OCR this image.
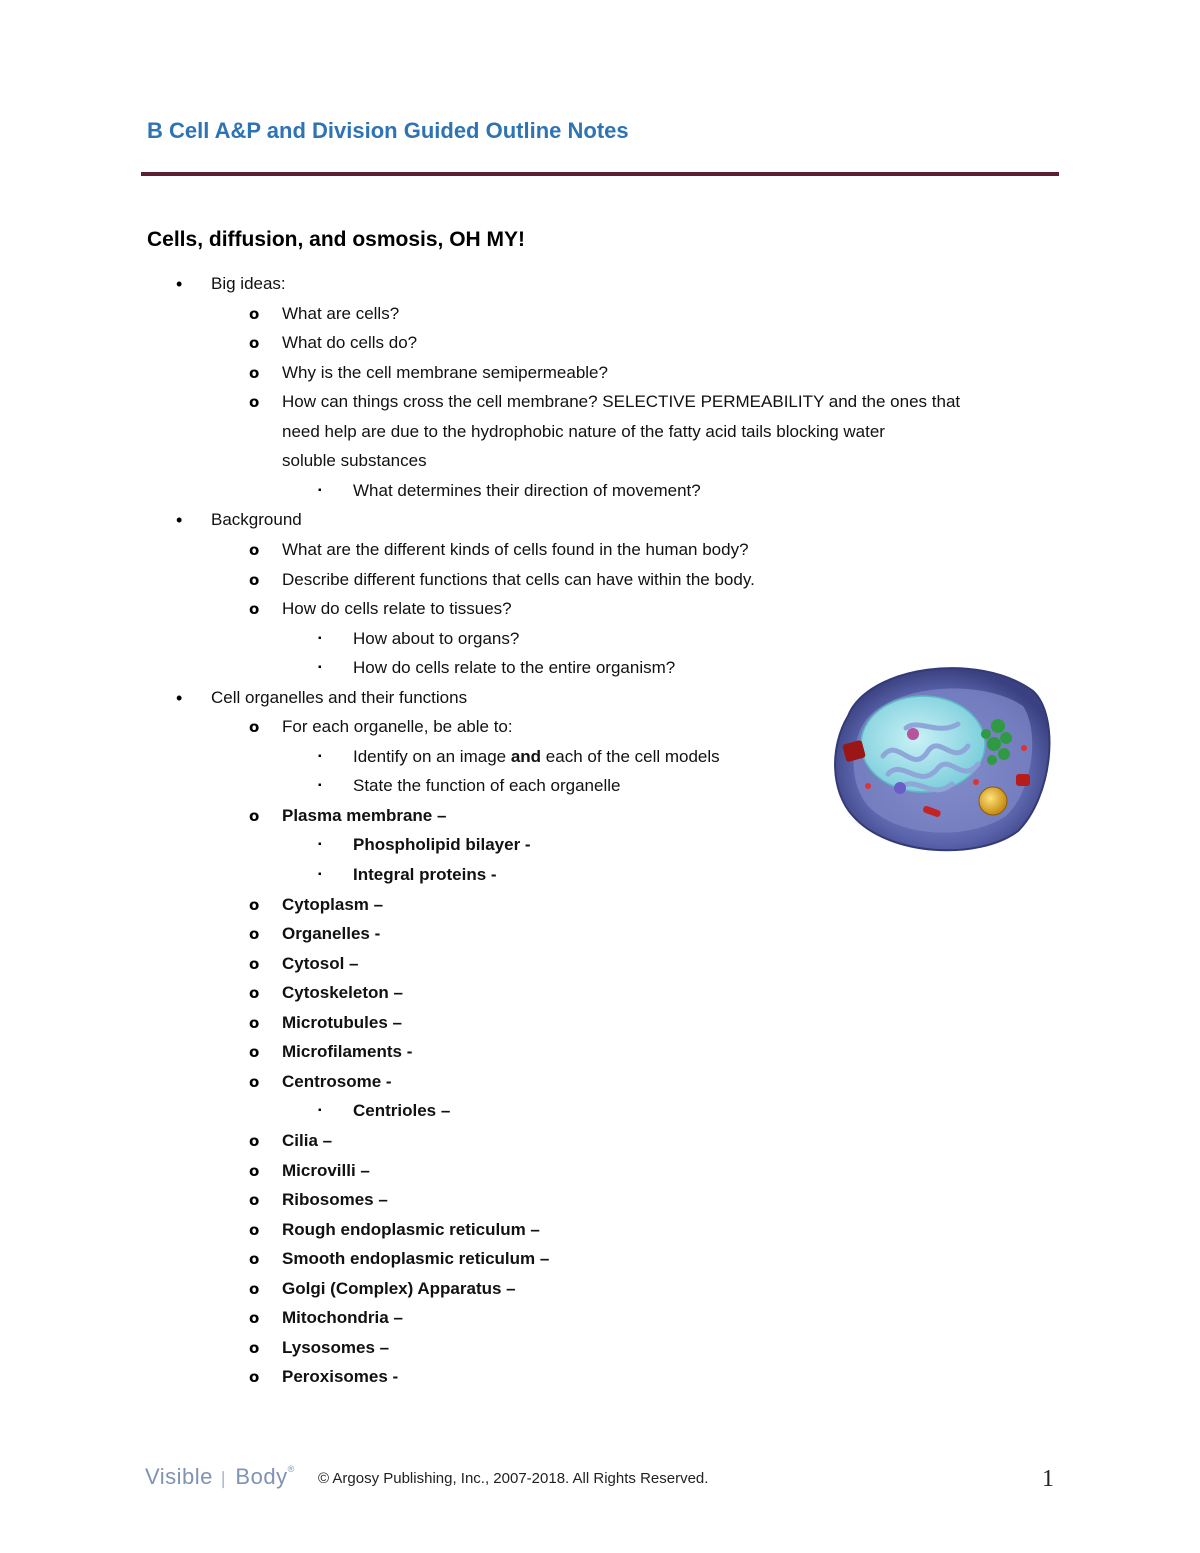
B Cell A&P and Division Guided Outline Notes
Cells, diffusion, and osmosis, OH MY!
• Big ideas:
o What are cells?
o What do cells do?
o Why is the cell membrane semipermeable?
o How can things cross the cell membrane? SELECTIVE PERMEABILITY and the ones that
need help are due to the hydrophobic nature of the fatty acid tails blocking water
soluble substances
▪ What determines their direction of movement?
• Background
o What are the different kinds of cells found in the human body?
o Describe different functions that cells can have within the body.
o How do cells relate to tissues?
▪ How about to organs?
▪ How do cells relate to the entire organism?
• Cell organelles and their functions
o For each organelle, be able to:
▪ Identify on an image and each of the cell models
▪ State the function of each organelle
o Plasma membrane –
▪ Phospholipid bilayer -
▪ Integral proteins -
o Cytoplasm –
o Organelles -
o Cytosol –
o Cytoskeleton –
o Microtubules –
o Microfilaments -
o Centrosome -
▪ Centrioles –
o Cilia –
o Microvilli –
o Ribosomes –
o Rough endoplasmic reticulum –
o Smooth endoplasmic reticulum –
o Golgi (Complex) Apparatus –
o Mitochondria –
o Lysosomes –
o Peroxisomes -
Visible │ Body®
© Argosy Publishing, Inc., 2007-2018. All Rights Reserved.	1
